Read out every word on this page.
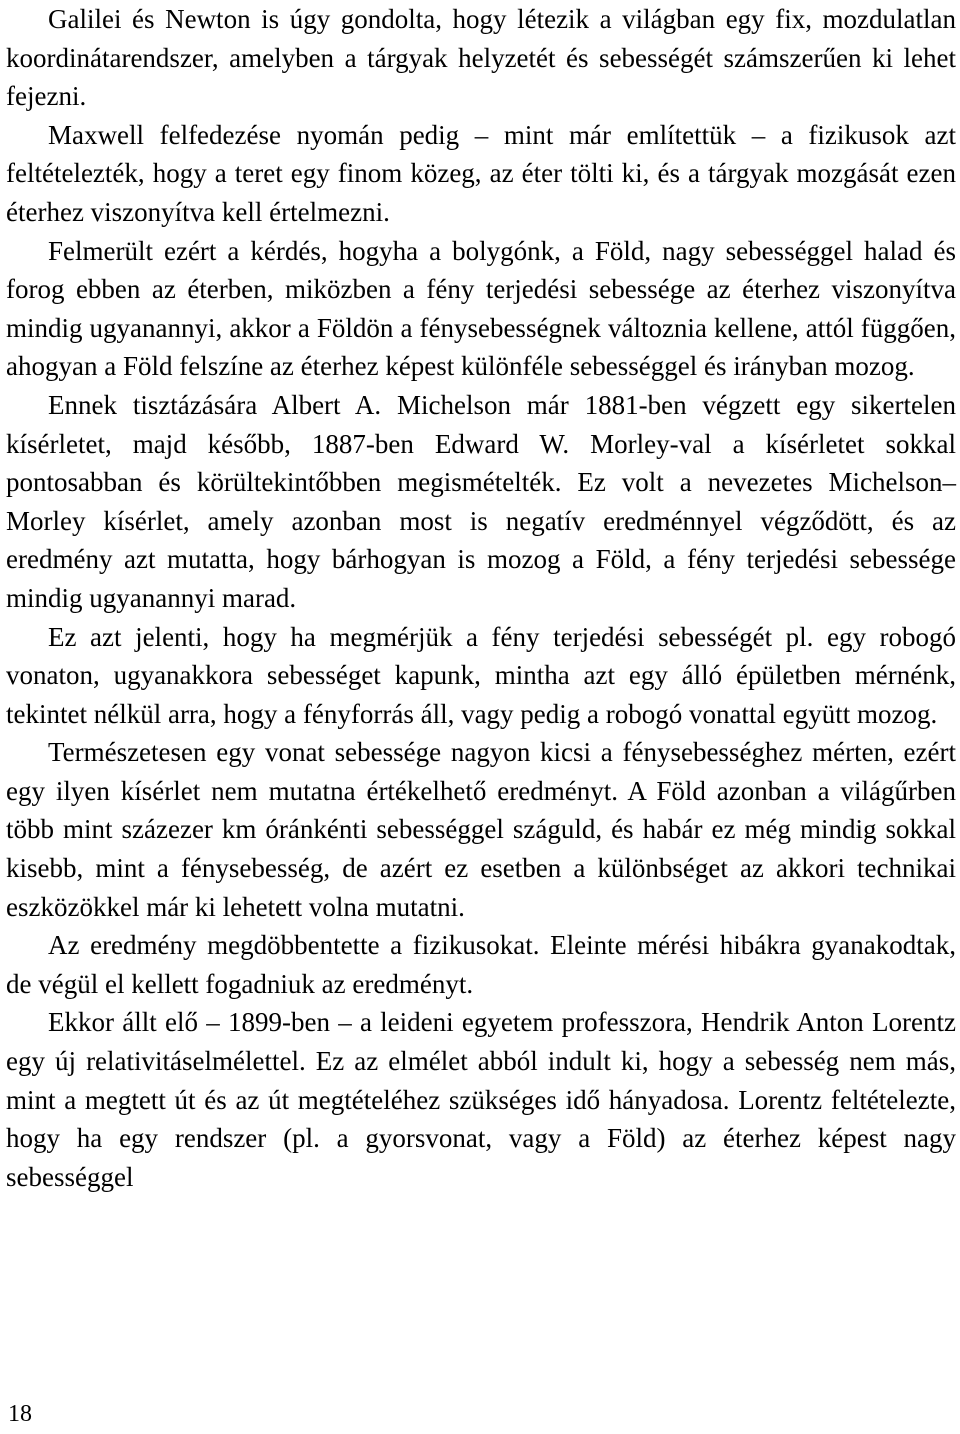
Galilei és Newton is úgy gondolta, hogy létezik a világban egy fix, mozdulatlan koordinátarendszer, amelyben a tárgyak helyzetét és sebességét számszerűen ki lehet fejezni.

Maxwell felfedezése nyomán pedig – mint már említettük – a fizikusok azt feltételezték, hogy a teret egy finom közeg, az éter tölti ki, és a tárgyak mozgását ezen éterhez viszonyítva kell értelmezni.

Felmerült ezért a kérdés, hogyha a bolygónk, a Föld, nagy sebességgel halad és forog ebben az éterben, miközben a fény terjedési sebessége az éterhez viszonyítva mindig ugyanannyi, akkor a Földön a fénysebességnek változnia kellene, attól függően, ahogyan a Föld felszíne az éterhez képest különféle sebességgel és irányban mozog.

Ennek tisztázására Albert A. Michelson már 1881-ben végzett egy sikertelen kísérletet, majd később, 1887-ben Edward W. Morley-val a kísérletet sokkal pontosabban és körültekintőbben megismételték. Ez volt a nevezetes Michelson–Morley kísérlet, amely azonban most is negatív eredménnyel végződött, és az eredmény azt mutatta, hogy bárhogyan is mozog a Föld, a fény terjedési sebessége mindig ugyanannyi marad.

Ez azt jelenti, hogy ha megmérjük a fény terjedési sebességét pl. egy robogó vonaton, ugyanakkora sebességet kapunk, mintha azt egy álló épületben mérnénk, tekintet nélkül arra, hogy a fényforrás áll, vagy pedig a robogó vonattal együtt mozog.

Természetesen egy vonat sebessége nagyon kicsi a fénysebességhez mérten, ezért egy ilyen kísérlet nem mutatna értékelhető eredményt. A Föld azonban a világűrben több mint százezer km óránkénti sebességgel száguld, és habár ez még mindig sokkal kisebb, mint a fénysebesség, de azért ez esetben a különbséget az akkori technikai eszközökkel már ki lehetett volna mutatni.

Az eredmény megdöbbentette a fizikusokat. Eleinte mérési hibákra gyanakodtak, de végül el kellett fogadniuk az eredményt.

Ekkor állt elő – 1899-ben – a leideni egyetem professzora, Hendrik Anton Lorentz egy új relativitáselmélettel. Ez az elmélet abból indult ki, hogy a sebesség nem más, mint a megtett út és az út megtételéhez szükséges idő hányadosa. Lorentz feltételezte, hogy ha egy rendszer (pl. a gyorsvonat, vagy a Föld) az éterhez képest nagy sebességgel

18
